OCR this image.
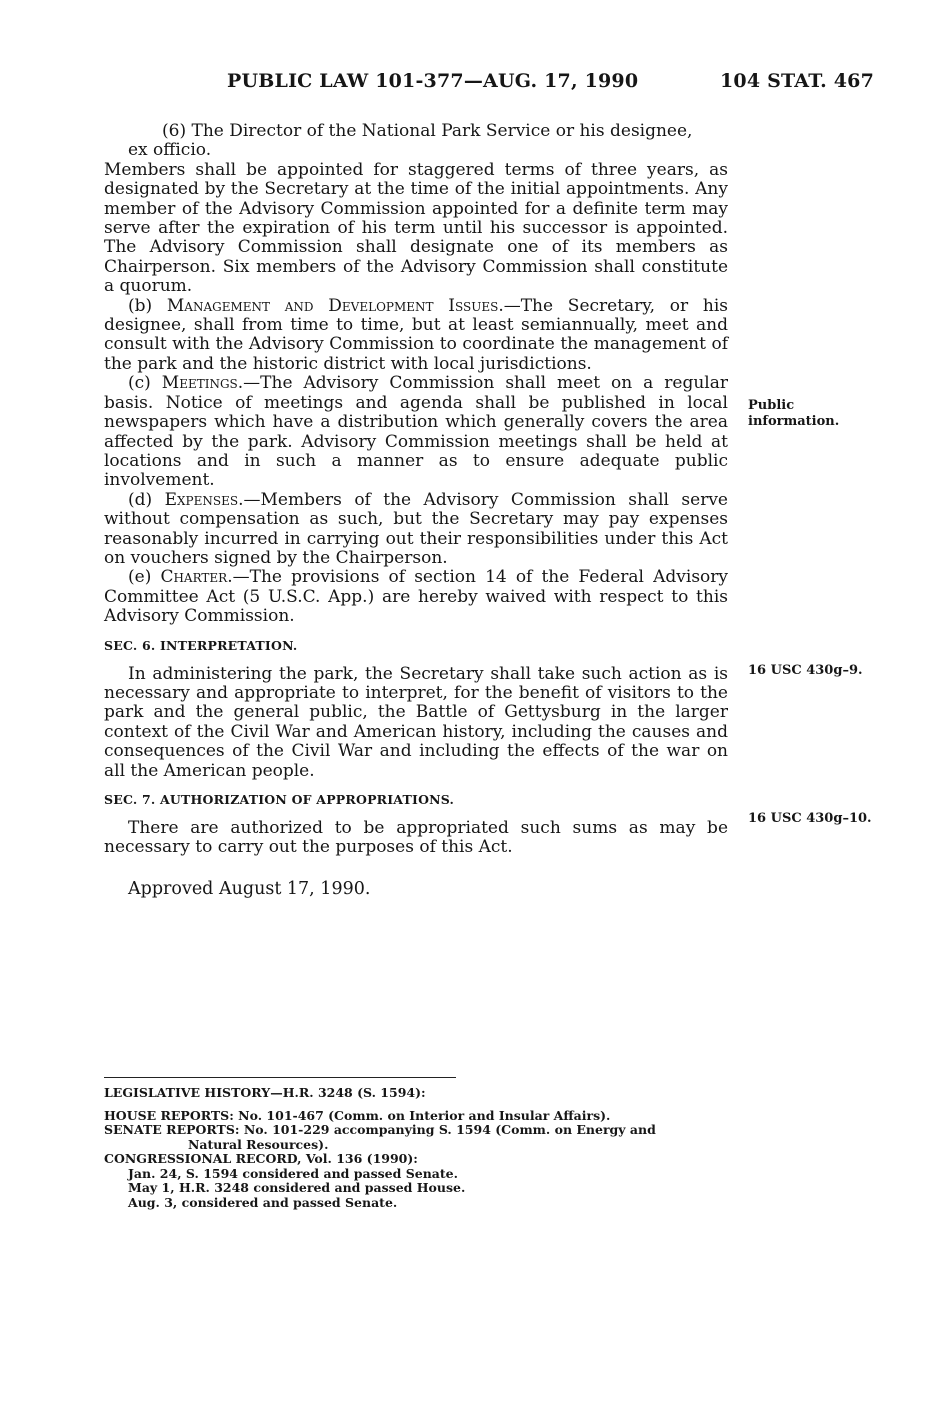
PUBLIC LAW 101-377—AUG. 17, 1990	104 STAT. 467

(6) The Director of the National Park Service or his designee,

ex officio.

Members shall be appointed for staggered terms of three years, as designated by the Secretary at the time of the initial appointments. Any member of the Advisory Commission appointed for a definite term may serve after the expiration of his term until his successor is appointed. The Advisory Commission shall designate one of its members as Chairperson. Six members of the Advisory Commission shall constitute a quorum.

(b) Management and Development Issues.—The Secretary, or his designee, shall from time to time, but at least semiannually, meet and consult with the Advisory Commission to coordinate the management of the park and the historic district with local jurisdictions.

(c) Meetings.—The Advisory Commission shall meet on a regular basis. Notice of meetings and agenda shall be published in local newspapers which have a distribution which generally covers the area affected by the park. Advisory Commission meetings shall be held at locations and in such a manner as to ensure adequate public involvement.

(d) Expenses.—Members of the Advisory Commission shall serve without compensation as such, but the Secretary may pay expenses reasonably incurred in carrying out their responsibilities under this Act on vouchers signed by the Chairperson.

(e) Charter.—The provisions of section 14 of the Federal Advisory Committee Act (5 U.S.C. App.) are hereby waived with respect to this Advisory Commission.

SEC. 6. INTERPRETATION.

In administering the park, the Secretary shall take such action as is necessary and appropriate to interpret, for the benefit of visitors to the park and the general public, the Battle of Gettysburg in the larger context of the Civil War and American history, including the causes and consequences of the Civil War and including the effects of the war on all the American people.

SEC. 7. AUTHORIZATION OF APPROPRIATIONS.

There are authorized to be appropriated such sums as may be necessary to carry out the purposes of this Act.

Approved August 17, 1990.

Public
information.
16 USC 430g–9.
16 USC 430g–10.

LEGISLATIVE HISTORY—H.R. 3248 (S. 1594):

HOUSE REPORTS: No. 101-467 (Comm. on Interior and Insular Affairs).

SENATE REPORTS: No. 101-229 accompanying S. 1594 (Comm. on Energy and

Natural Resources).

CONGRESSIONAL RECORD, Vol. 136 (1990):

Jan. 24, S. 1594 considered and passed Senate.

May 1, H.R. 3248 considered and passed House.

Aug. 3, considered and passed Senate.
